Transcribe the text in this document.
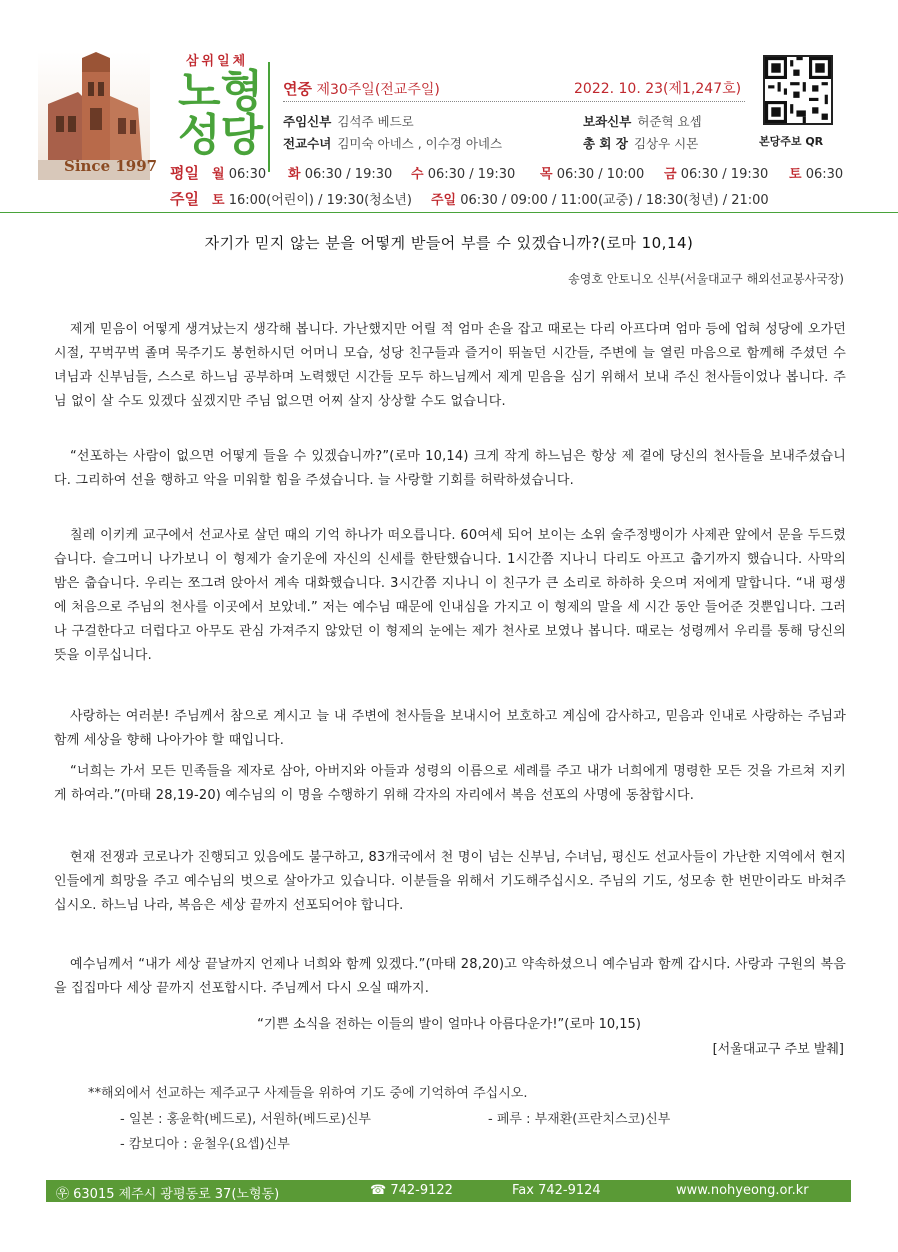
Since 1997
삼위일체
노형
성당
연중 제30주일(전교주일)	2022. 10. 23(제1,247호)
주임신부 김석주 베드로	보좌신부 허준혁 요셉
전교수녀 김미숙 아네스 , 이수경 아네스	총 회 장 김상우 시몬	본당주보 QR
평일 월 06:30 화 06:30 / 19:30 수 06:30 / 19:30 목 06:30 / 10:00 금 06:30 / 19:30 토 06:30
주일 토 16:00(어린이) / 19:30(청소년) 주일 06:30 / 09:00 / 11:00(교중) / 18:30(청년) / 21:00
자기가 믿지 않는 분을 어떻게 받들어 부를 수 있겠습니까?(로마 10,14)
송영호 안토니오 신부(서울대교구 해외선교봉사국장)
제게 믿음이 어떻게 생겨났는지 생각해 봅니다. 가난했지만 어릴 적 엄마 손을 잡고 때로는 다리 아프다며 엄마 등에 업혀 성당에 오가던 시절, 꾸벅꾸벅 졸며 묵주기도 봉헌하시던 어머니 모습, 성당 친구들과 즐거이 뛰놀던 시간들, 주변에 늘 열린 마음으로 함께해 주셨던 수녀님과 신부님들, 스스로 하느님 공부하며 노력했던 시간들 모두 하느님께서 제게 믿음을 심기 위해서 보내 주신 천사들이었나 봅니다. 주님 없이 살 수도 있겠다 싶겠지만 주님 없으면 어찌 살지 상상할 수도 없습니다.
“선포하는 사람이 없으면 어떻게 들을 수 있겠습니까?”(로마 10,14) 크게 작게 하느님은 항상 제 곁에 당신의 천사들을 보내주셨습니다. 그리하여 선을 행하고 악을 미워할 힘을 주셨습니다. 늘 사랑할 기회를 허락하셨습니다.
칠레 이키케 교구에서 선교사로 살던 때의 기억 하나가 떠오릅니다. 60여세 되어 보이는 소위 술주정뱅이가 사제관 앞에서 문을 두드렸습니다. 슬그머니 나가보니 이 형제가 술기운에 자신의 신세를 한탄했습니다. 1시간쯤 지나니 다리도 아프고 춥기까지 했습니다. 사막의 밤은 춥습니다. 우리는 쪼그려 앉아서 계속 대화했습니다. 3시간쯤 지나니 이 친구가 큰 소리로 하하하 웃으며 저에게 말합니다. “내 평생에 처음으로 주님의 천사를 이곳에서 보았네.” 저는 예수님 때문에 인내심을 가지고 이 형제의 말을 세 시간 동안 들어준 것뿐입니다. 그러나 구걸한다고 더럽다고 아무도 관심 가져주지 않았던 이 형제의 눈에는 제가 천사로 보였나 봅니다. 때로는 성령께서 우리를 통해 당신의 뜻을 이루십니다.
사랑하는 여러분! 주님께서 참으로 계시고 늘 내 주변에 천사들을 보내시어 보호하고 계심에 감사하고, 믿음과 인내로 사랑하는 주님과 함께 세상을 향해 나아가야 할 때입니다.
“너희는 가서 모든 민족들을 제자로 삼아, 아버지와 아들과 성령의 이름으로 세례를 주고 내가 너희에게 명령한 모든 것을 가르쳐 지키게 하여라.”(마태 28,19-20) 예수님의 이 명을 수행하기 위해 각자의 자리에서 복음 선포의 사명에 동참합시다.
현재 전쟁과 코로나가 진행되고 있음에도 불구하고, 83개국에서 천 명이 넘는 신부님, 수녀님, 평신도 선교사들이 가난한 지역에서 현지인들에게 희망을 주고 예수님의 벗으로 살아가고 있습니다. 이분들을 위해서 기도해주십시오. 주님의 기도, 성모송 한 번만이라도 바쳐주십시오. 하느님 나라, 복음은 세상 끝까지 선포되어야 합니다.
예수님께서 “내가 세상 끝날까지 언제나 너희와 함께 있겠다.”(마태 28,20)고 약속하셨으니 예수님과 함께 갑시다. 사랑과 구원의 복음을 집집마다 세상 끝까지 선포합시다. 주님께서 다시 오실 때까지.
“기쁜 소식을 전하는 이들의 발이 얼마나 아름다운가!”(로마 10,15)
[서울대교구 주보 발췌]
**해외에서 선교하는 제주교구 사제들을 위하여 기도 중에 기억하여 주십시오.
- 일본 : 홍윤학(베드로), 서원하(베드로)신부	- 페루 : 부재환(프란치스코)신부
- 캄보디아 : 윤철우(요셉)신부
㉾ 63015 제주시 광평동로 37(노형동)	☎ 742-9122	Fax 742-9124	www.nohyeong.or.kr
